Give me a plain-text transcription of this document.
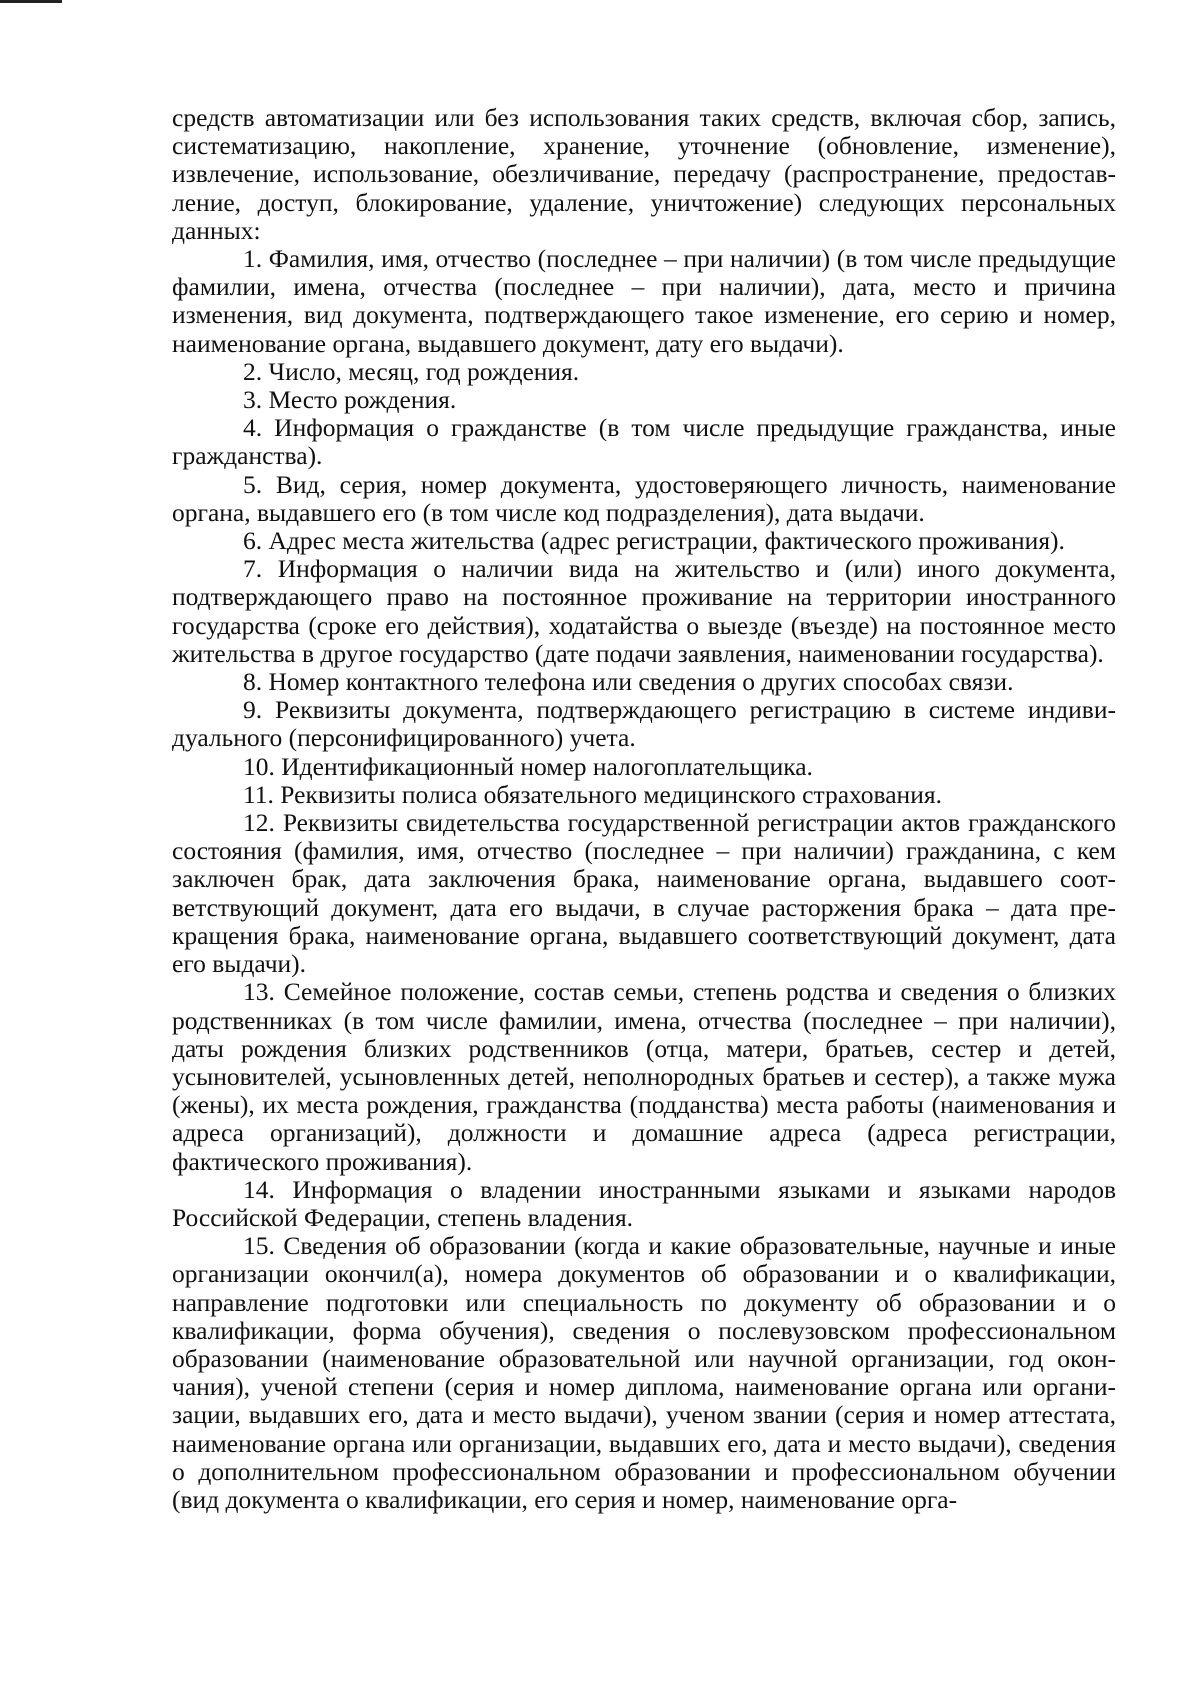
средств автоматизации или без использования таких средств, включая сбор, запись, систематизацию, накопление, хранение, уточнение (обновление, изменение), извлечение, использование, обезличивание, передачу (распространение, предоставление, доступ, блокирование, удаление, уничтожение) следующих персональных данных:

1. Фамилия, имя, отчество (последнее – при наличии) (в том числе предыдущие фамилии, имена, отчества (последнее – при наличии), дата, место и причина изменения, вид документа, подтверждающего такое изменение, его серию и номер, наименование органа, выдавшего документ, дату его выдачи).

2. Число, месяц, год рождения.

3. Место рождения.

4. Информация о гражданстве (в том числе предыдущие гражданства, иные гражданства).

5. Вид, серия, номер документа, удостоверяющего личность, наименование органа, выдавшего его (в том числе код подразделения), дата выдачи.

6. Адрес места жительства (адрес регистрации, фактического проживания).

7. Информация о наличии вида на жительство и (или) иного документа, подтверждающего право на постоянное проживание на территории иностранного государства (сроке его действия), ходатайства о выезде (въезде) на постоянное место жительства в другое государство (дате подачи заявления, наименовании государства).

8. Номер контактного телефона или сведения о других способах связи.

9. Реквизиты документа, подтверждающего регистрацию в системе индивидуального (персонифицированного) учета.

10. Идентификационный номер налогоплательщика.

11. Реквизиты полиса обязательного медицинского страхования.

12. Реквизиты свидетельства государственной регистрации актов гражданского состояния (фамилия, имя, отчество (последнее – при наличии) гражданина, с кем заключен брак, дата заключения брака, наименование органа, выдавшего соответствующий документ, дата его выдачи, в случае расторжения брака – дата прекращения брака, наименование органа, выдавшего соответствующий документ, дата его выдачи).

13. Семейное положение, состав семьи, степень родства и сведения о близких родственниках (в том числе фамилии, имена, отчества (последнее – при наличии), даты рождения близких родственников (отца, матери, братьев, сестер и детей, усыновителей, усыновленных детей, неполнородных братьев и сестер), а также мужа (жены), их места рождения, гражданства (подданства) места работы (наименования и адреса организаций), должности и домашние адреса (адреса регистрации, фактического проживания).

14. Информация о владении иностранными языками и языками народов Российской Федерации, степень владения.

15. Сведения об образовании (когда и какие образовательные, научные и иные организации окончил(а), номера документов об образовании и о квалификации, направление подготовки или специальность по документу об образовании и о квалификации, форма обучения), сведения о послевузовском профессиональном образовании (наименование образовательной или научной организации, год окончания), ученой степени (серия и номер диплома, наименование органа или организации, выдавших его, дата и место выдачи), ученом звании (серия и номер аттестата, наименование органа или организации, выдавших его, дата и место выдачи), сведения о дополнительном профессиональном образовании и профессиональном обучении (вид документа о квалификации, его серия и номер, наименование орга-
